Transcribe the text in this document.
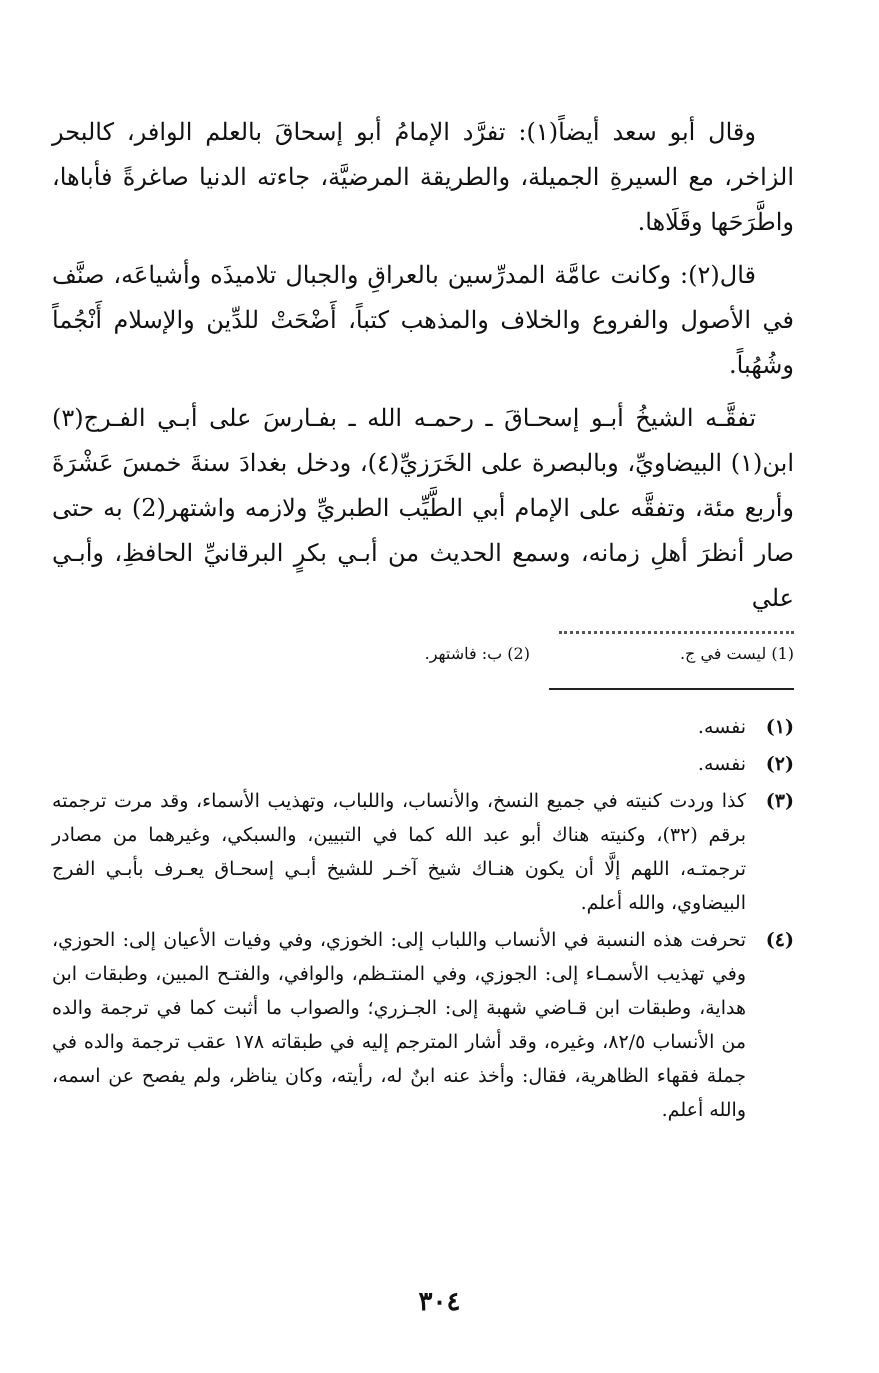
وقال أبو سعد أيضاً(١): تفرَّد الإمامُ أبو إسحاقَ بالعلم الوافر، كالبحر الزاخر، مع السيرةِ الجميلة، والطريقة المرضيَّة، جاءته الدنيا صاغرةً فأباها، واطَّرَحَها وقَلَاها.

قال(٢): وكانت عامَّة المدرِّسين بالعراقِ والجبال تلاميذَه وأشياعَه، صنَّف في الأصول والفروع والخلاف والمذهب كتباً، أَضْحَتْ للدِّين والإسلام أَنْجُماً وشُهُباً.

تفقَّـه الشيخُ أبـو إسحـاقَ ـ رحمـه الله ـ بفـارسَ على أبـي الفـرج(٣) ابن(١) البيضاويِّ، وبالبصرة على الخَرَزيِّ(٤)، ودخل بغدادَ سنةَ خمسَ عَشْرَةَ وأربع مئة، وتفقَّه على الإمام أبي الطَّيِّب الطبريِّ ولازمه واشتهر(2) به حتى صار أنظرَ أهلِ زمانه، وسمع الحديث من أبـي بكرٍ البرقانيِّ الحافظِ، وأبـي علي

(1) ليست في ج.
(2) ب: فاشتهر.
(١)
نفسه.
(٢)
نفسه.
(٣)
كذا وردت كنيته في جميع النسخ، والأنساب، واللباب، وتهذيب الأسماء، وقد مرت ترجمته برقم (٣٢)، وكنيته هناك أبو عبد الله كما في التبيين، والسبكي، وغيرهما من مصادر ترجمتـه، اللهم إلَّا أن يكون هنـاك شيخ آخـر للشيخ أبـي إسحـاق يعـرف بأبـي الفرج البيضاوي، والله أعلم.
(٤)
تحرفت هذه النسبة في الأنساب واللباب إلى: الخوزي، وفي وفيات الأعيان إلى: الحوزي، وفي تهذيب الأسمـاء إلى: الجوزي، وفي المنتـظم، والوافي، والفتـح المبين، وطبقات ابن هداية، وطبقات ابن قـاضي شهبة إلى: الجـزري؛ والصواب ما أثبت كما في ترجمة والده من الأنساب ٨٢/٥، وغيره، وقد أشار المترجم إليه في طبقاته ١٧٨ عقب ترجمة والده في جملة فقهاء الظاهرية، فقال: وأخذ عنه ابنٌ له، رأيته، وكان يناظر، ولم يفصح عن اسمه، والله أعلم.
٣٠٤
